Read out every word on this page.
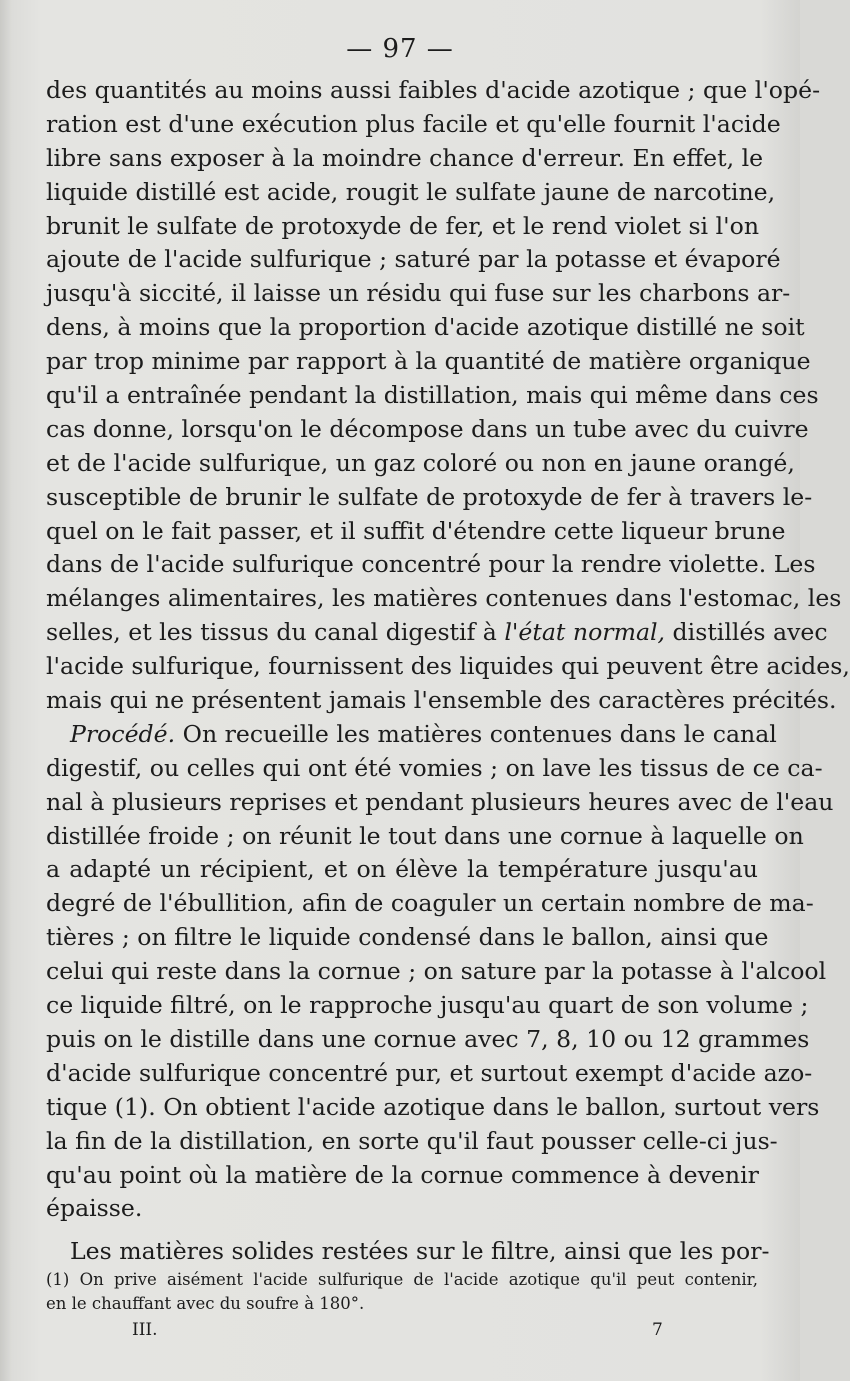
— 97 —
des quantités au moins aussi faibles d'acide azotique ; que l'opé-
ration est d'une exécution plus facile et qu'elle fournit l'acide
libre sans exposer à la moindre chance d'erreur. En effet, le
liquide distillé est acide, rougit le sulfate jaune de narcotine,
brunit le sulfate de protoxyde de fer, et le rend violet si l'on
ajoute de l'acide sulfurique ; saturé par la potasse et évaporé
jusqu'à siccité, il laisse un résidu qui fuse sur les charbons ar-
dens, à moins que la proportion d'acide azotique distillé ne soit
par trop minime par rapport à la quantité de matière organique
qu'il a entraînée pendant la distillation, mais qui même dans ces
cas donne, lorsqu'on le décompose dans un tube avec du cuivre
et de l'acide sulfurique, un gaz coloré ou non en jaune orangé,
susceptible de brunir le sulfate de protoxyde de fer à travers le-
quel on le fait passer, et il suffit d'étendre cette liqueur brune
dans de l'acide sulfurique concentré pour la rendre violette. Les
mélanges alimentaires, les matières contenues dans l'estomac, les
selles, et les tissus du canal digestif à l'état normal, distillés avec
l'acide sulfurique, fournissent des liquides qui peuvent être acides,
mais qui ne présentent jamais l'ensemble des caractères précités.
Procédé. On recueille les matières contenues dans le canal
digestif, ou celles qui ont été vomies ; on lave les tissus de ce ca-
nal à plusieurs reprises et pendant plusieurs heures avec de l'eau
distillée froide ; on réunit le tout dans une cornue à laquelle on
a adapté un récipient, et on élève la température jusqu'au
degré de l'ébullition, afin de coaguler un certain nombre de ma-
tières ; on filtre le liquide condensé dans le ballon, ainsi que
celui qui reste dans la cornue ; on sature par la potasse à l'alcool
ce liquide filtré, on le rapproche jusqu'au quart de son volume ;
puis on le distille dans une cornue avec 7, 8, 10 ou 12 grammes
d'acide sulfurique concentré pur, et surtout exempt d'acide azo-
tique (1). On obtient l'acide azotique dans le ballon, surtout vers
la fin de la distillation, en sorte qu'il faut pousser celle-ci jus-
qu'au point où la matière de la cornue commence à devenir
épaisse.
Les matières solides restées sur le filtre, ainsi que les por-
(1) On prive aisément l'acide sulfurique de l'acide azotique qu'il peut contenir,
en le chauffant avec du soufre à 180°.
III.	7
